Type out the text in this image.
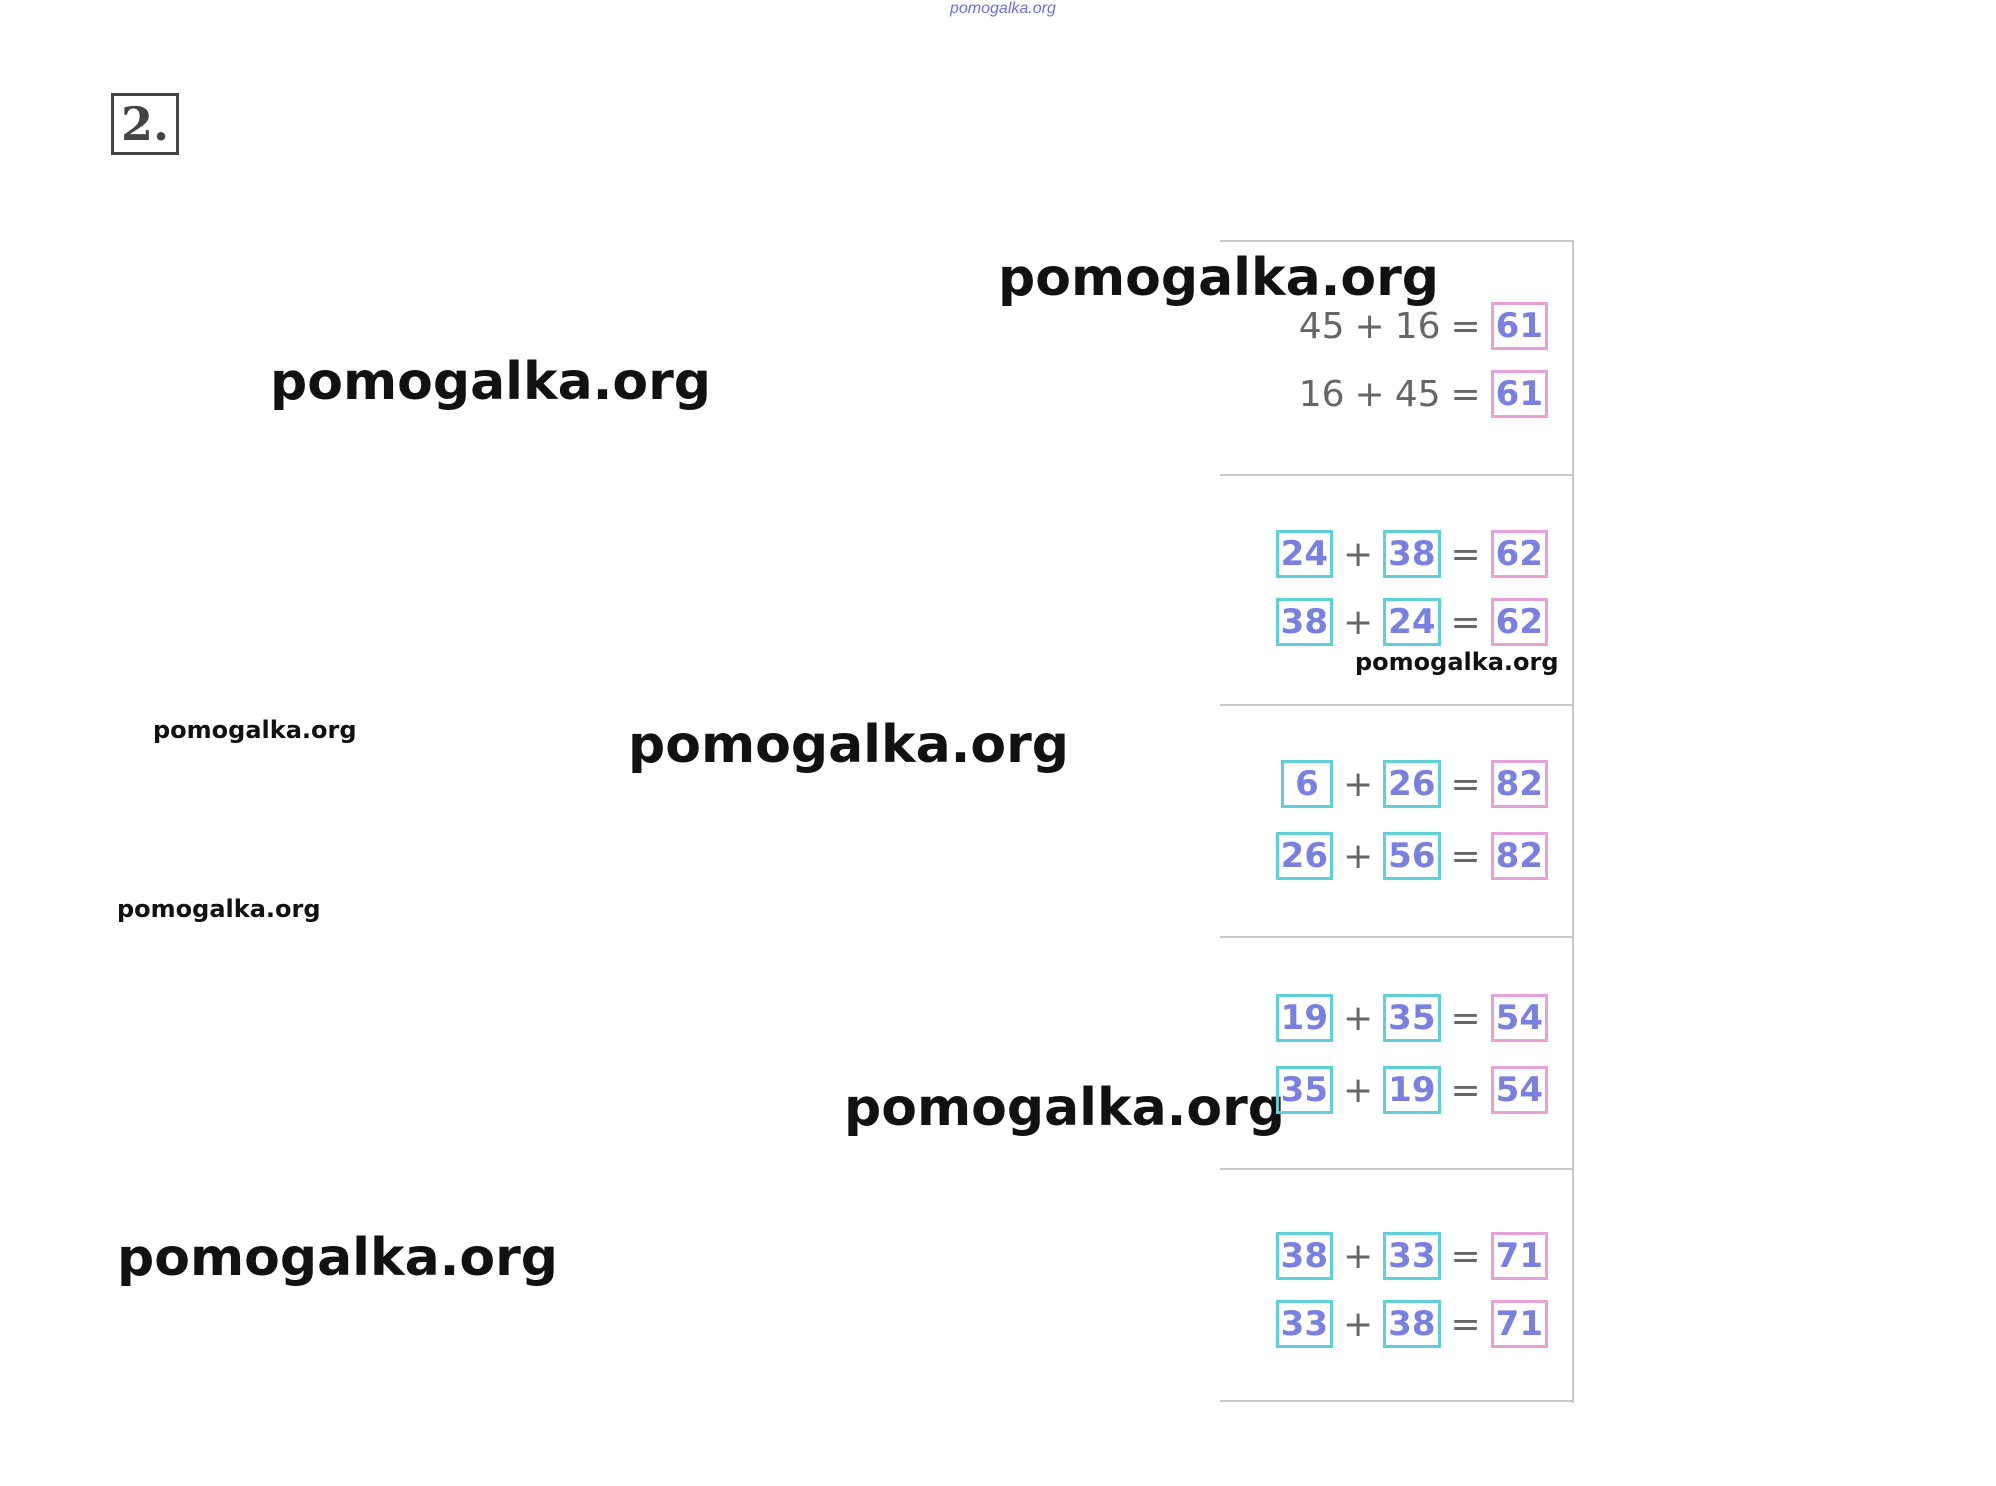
pomogalka.org
2.
pomogalka.org
pomogalka.org
pomogalka.org
pomogalka.org	pomogalka.org
pomogalka.org
pomogalka.org
pomogalka.org
45 + 16 = 61
16 + 45 = 61
24 + 38 = 62
38 + 24 = 62
6 + 26 = 82
26 + 56 = 82
19 + 35 = 54
35 + 19 = 54
38 + 33 = 71
33 + 38 = 71
